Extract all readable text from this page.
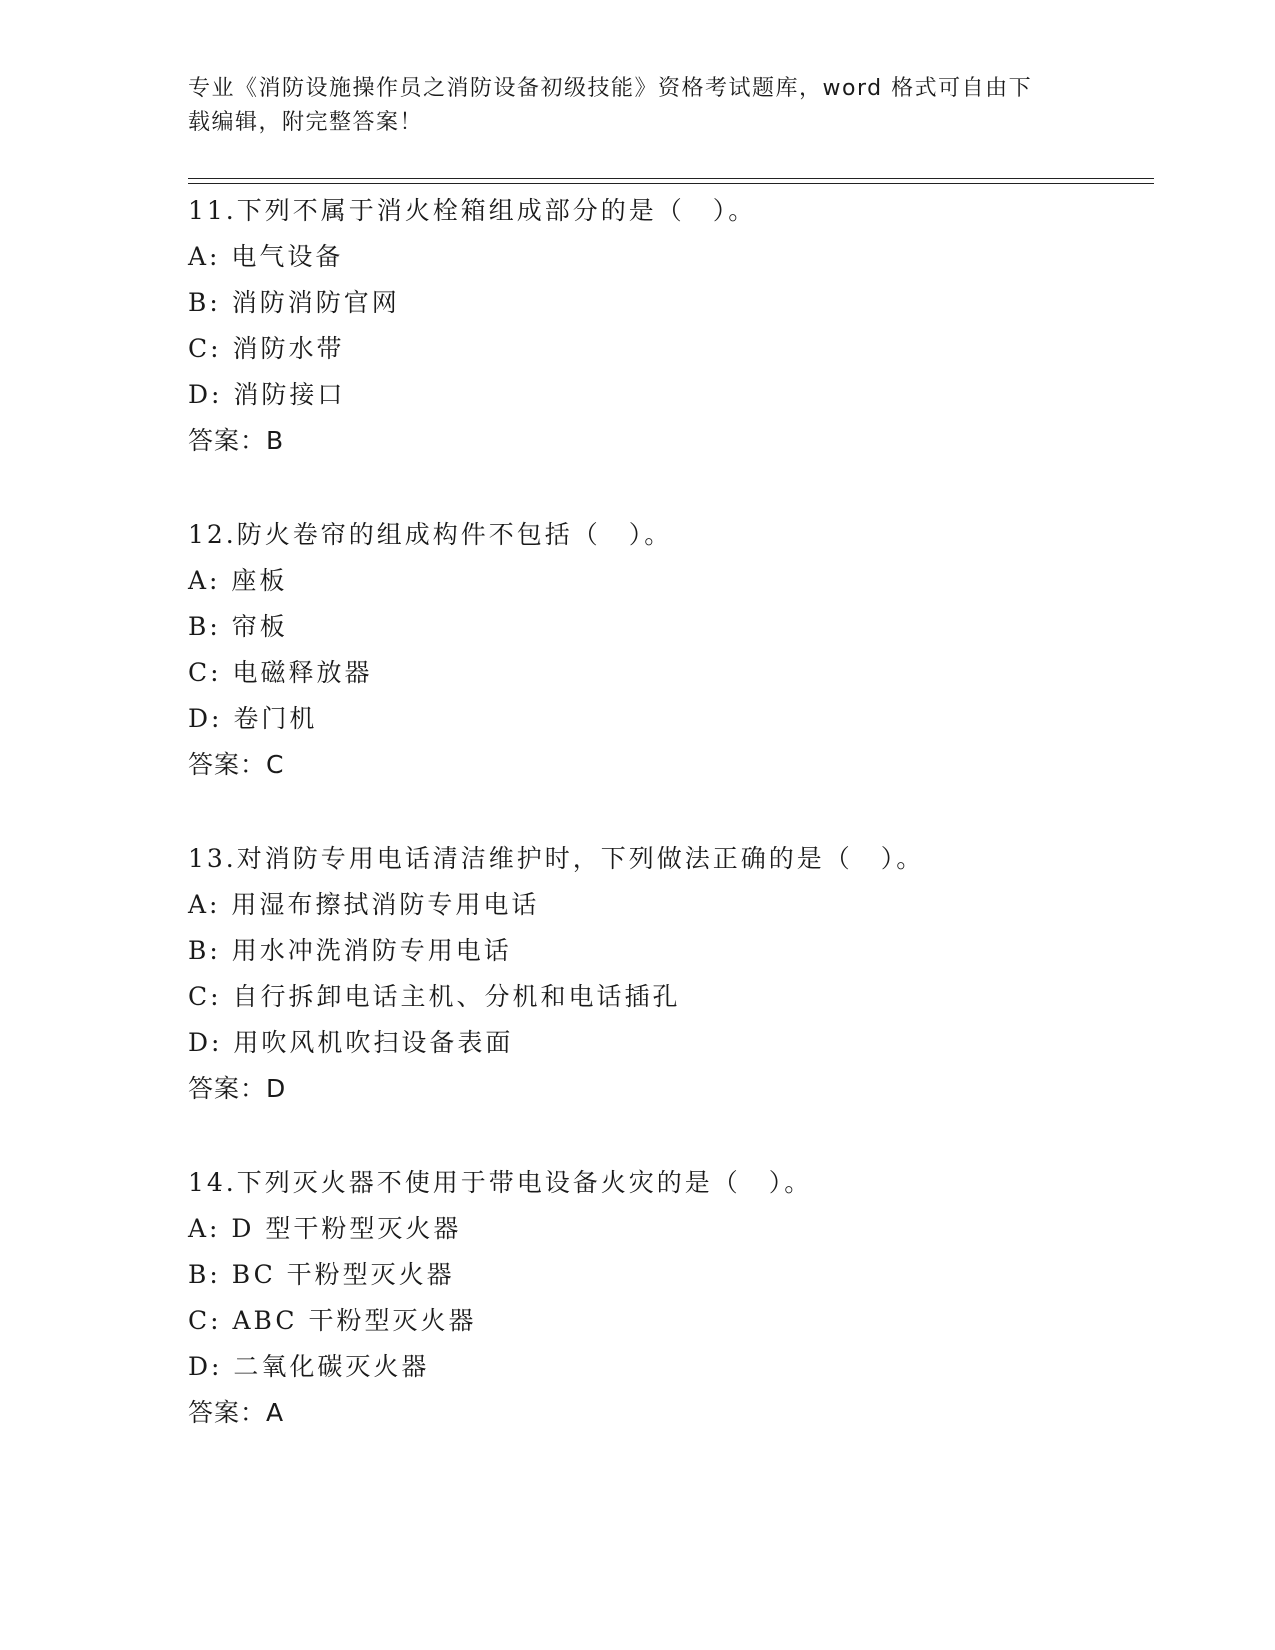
专业《消防设施操作员之消防设备初级技能》资格考试题库，word 格式可自由下
载编辑，附完整答案！
11.下列不属于消火栓箱组成部分的是（　）。
A: 电气设备
B: 消防消防官网
C: 消防水带
D: 消防接口
答案：B
12.防火卷帘的组成构件不包括（　）。
A: 座板
B: 帘板
C: 电磁释放器
D: 卷门机
答案：C
13.对消防专用电话清洁维护时，下列做法正确的是（　）。
A: 用湿布擦拭消防专用电话
B: 用水冲洗消防专用电话
C: 自行拆卸电话主机、分机和电话插孔
D: 用吹风机吹扫设备表面
答案：D
14.下列灭火器不使用于带电设备火灾的是（　）。
A: D 型干粉型灭火器
B: BC 干粉型灭火器
C: ABC 干粉型灭火器
D: 二氧化碳灭火器
答案：A
